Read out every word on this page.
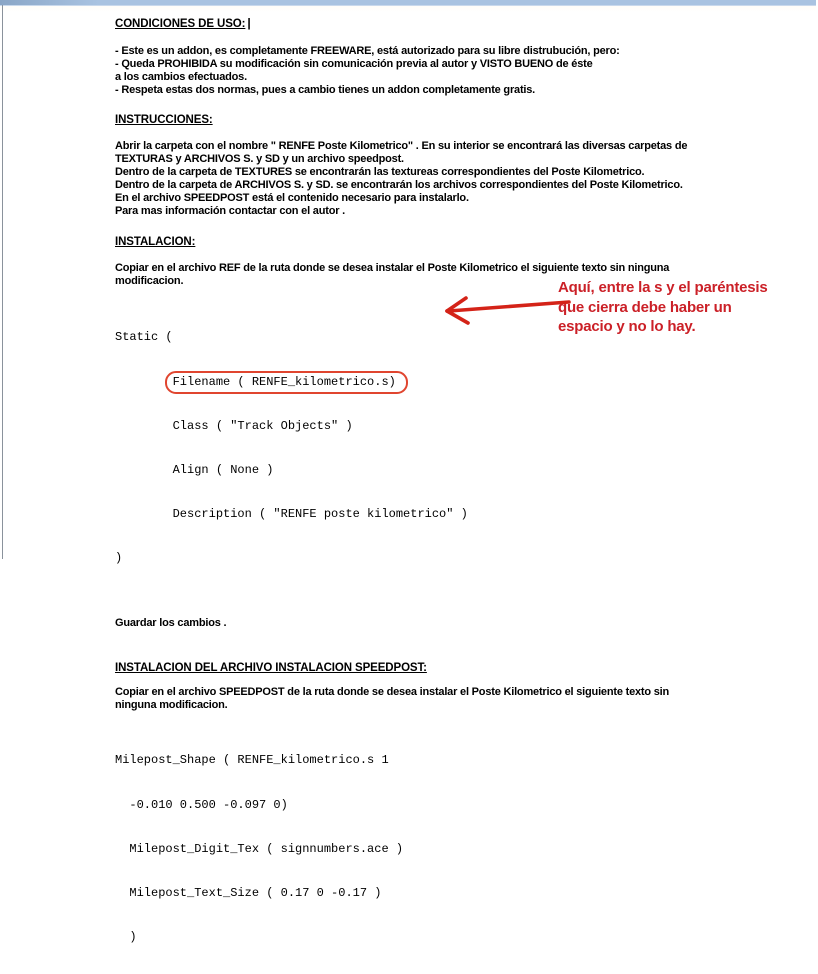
CONDICIONES DE USO: |
- Este es un addon, es completamente FREEWARE, está autorizado para su libre distrubución, pero:
- Queda PROHIBIDA su modificación sin comunicación previa al autor y VISTO BUENO de éste
a los cambios efectuados.
- Respeta estas dos normas, pues a cambio tienes un addon completamente gratis.
INSTRUCCIONES:
Abrir la carpeta con el nombre " RENFE Poste Kilometrico" . En su interior se encontrará las diversas carpetas de
TEXTURAS y ARCHIVOS S. y SD y un archivo speedpost.
Dentro de la carpeta de TEXTURES se encontrarán las textureas correspondientes del Poste Kilometrico.
Dentro de la carpeta de ARCHIVOS S. y SD. se encontrarán los archivos correspondientes del Poste Kilometrico.
En el archivo SPEEDPOST está el contenido necesario para instalarlo.
Para mas información contactar con el autor .
INSTALACION:
Copiar en el archivo REF de la ruta donde se desea instalar el Poste Kilometrico el siguiente texto sin ninguna
modificacion.

Static (

Filename ( RENFE_kilometrico.s)

Class ( "Track Objects" )

Align ( None )

Description ( "RENFE poste kilometrico" )

)

Guardar los cambios .
INSTALACION DEL ARCHIVO INSTALACION SPEEDPOST:
Copiar en el archivo SPEEDPOST de la ruta donde se desea instalar el Poste Kilometrico el siguiente texto sin
ninguna modificacion.

Milepost_Shape ( RENFE_kilometrico.s 1

-0.010 0.500 -0.097 0)

Milepost_Digit_Tex ( signnumbers.ace )

Milepost_Text_Size ( 0.17 0 -0.17 )

)

Aquí, entre la s y el paréntesis
que cierra debe haber un
espacio y no lo hay.
